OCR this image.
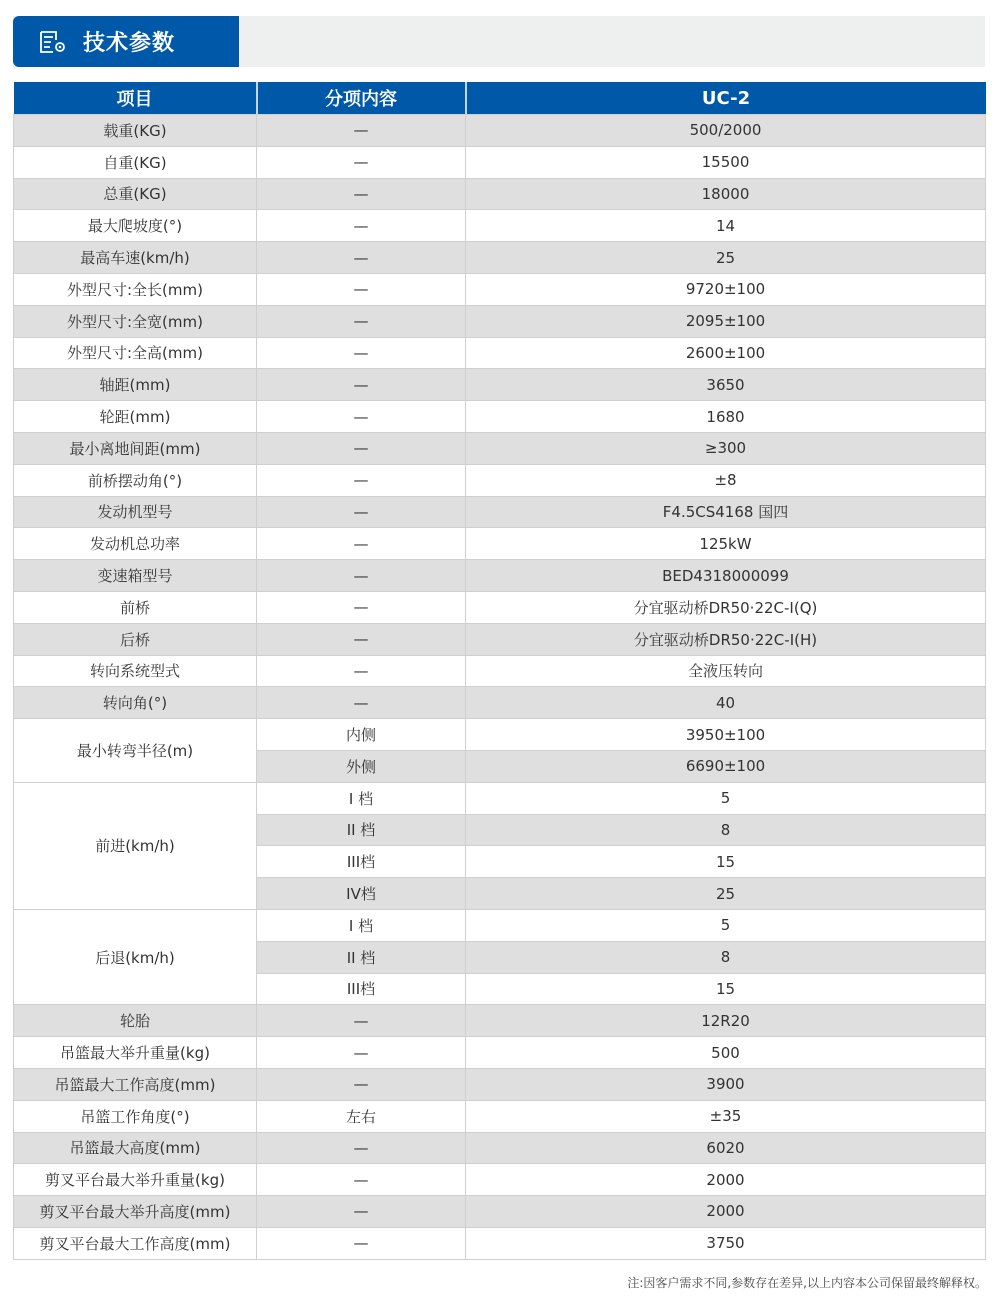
技术参数
项目	分项内容	UC-2
载重(KG)	—	500/2000
自重(KG)	—	15500
总重(KG)	—	18000
最大爬坡度(°)	—	14
最高车速(km/h)	—	25
外型尺寸:全长(mm)	—	9720±100
外型尺寸:全宽(mm)	—	2095±100
外型尺寸:全高(mm)	—	2600±100
轴距(mm)	—	3650
轮距(mm)	—	1680
最小离地间距(mm)	—	≥300
前桥摆动角(°)	—	±8
发动机型号	—	F4.5CS4168 国四
发动机总功率	—	125kW
变速箱型号	—	BED4318000099
前桥	—	分宜驱动桥DR50·22C-I(Q)
后桥	—	分宜驱动桥DR50·22C-I(H)
转向系统型式	—	全液压转向
转向角(°)	—	40
最小转弯半径(m)	内侧	3950±100
	外侧	6690±100
前进(km/h)	I 档	5
	II 档	8
	III档	15
	IV档	25
后退(km/h)	I 档	5
	II 档	8
	III档	15
轮胎	—	12R20
吊篮最大举升重量(kg)	—	500
吊篮最大工作高度(mm)	—	3900
吊篮工作角度(°)	左右	±35
吊篮最大高度(mm)	—	6020
剪叉平台最大举升重量(kg)	—	2000
剪叉平台最大举升高度(mm)	—	2000
剪叉平台最大工作高度(mm)	—	3750
注:因客户需求不同,参数存在差异,以上内容本公司保留最终解释权。
